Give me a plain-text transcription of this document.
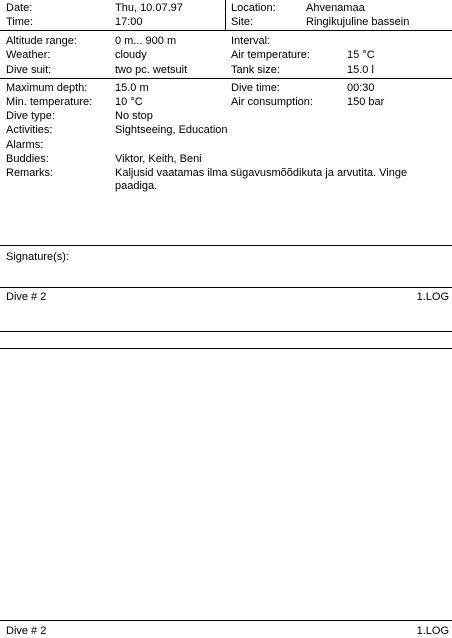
Date:	Thu, 10.07.97
Time:	17:00
Location:	Ahvenamaa
Site:	Ringikujuline bassein
Altitude range:	0 m... 900 m
Weather:	cloudy
Dive suit:	two pc. wetsuit
Interval:
Air temperature:	15 °C
Tank size:	15.0 l
Maximum depth:	15.0 m	Dive time:	00:30
Min. temperature: 10 °C	Air consumption:	150 bar
Dive type:	No stop
Activities:	Sightseeing, Education
Alarms:
Buddies:	Viktor, Keith, Beni
Remarks:	Kaljusid vaatamas ilma sügavusmõõdikuta ja arvutita. Vinge paadiga.
Signature(s):
Dive # 2	1.LOG
Dive # 2	1.LOG
